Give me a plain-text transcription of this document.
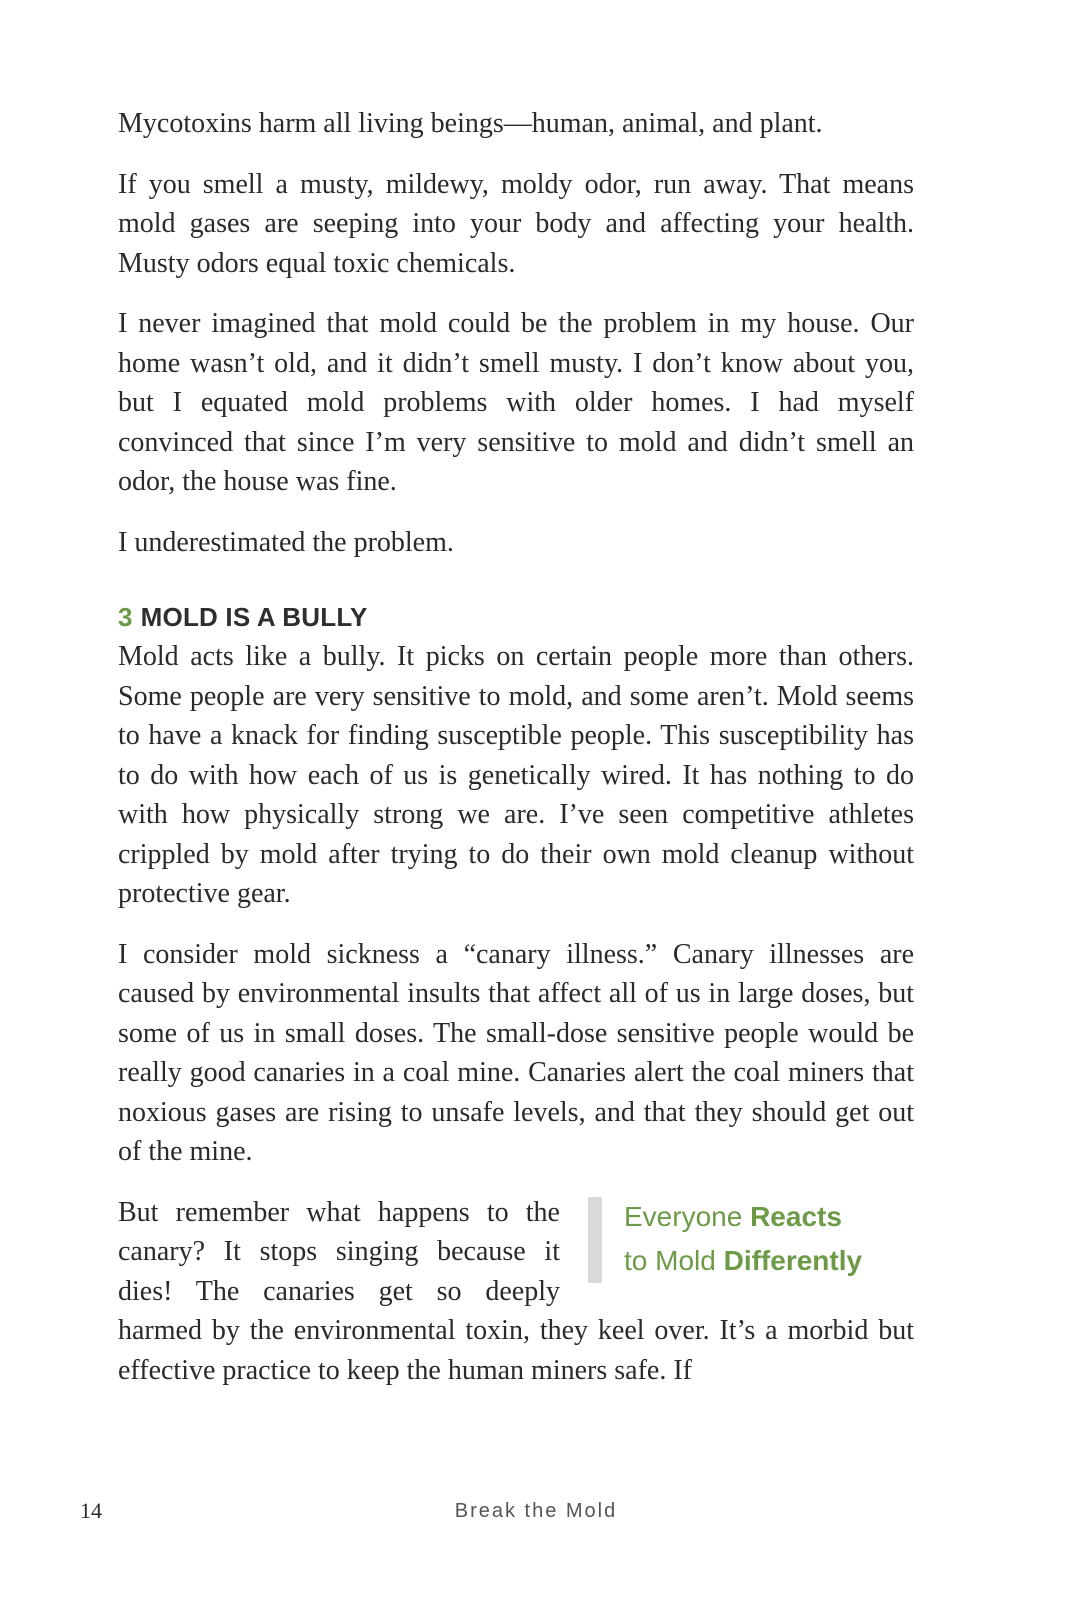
Mycotoxins harm all living beings—human, animal, and plant.

If you smell a musty, mildewy, moldy odor, run away. That means mold gases are seeping into your body and affecting your health. Musty odors equal toxic chemicals.

I never imagined that mold could be the problem in my house. Our home wasn’t old, and it didn’t smell musty. I don’t know about you, but I equated mold problems with older homes. I had myself convinced that since I’m very sensitive to mold and didn’t smell an odor, the house was fine.

I underestimated the problem.

3 MOLD IS A BULLY

Mold acts like a bully. It picks on certain people more than others. Some people are very sensitive to mold, and some aren’t. Mold seems to have a knack for finding susceptible people. This susceptibility has to do with how each of us is genetically wired. It has nothing to do with how physically strong we are. I’ve seen competitive athletes crippled by mold after trying to do their own mold cleanup without protective gear.

I consider mold sickness a “canary illness.” Canary illnesses are caused by environmental insults that affect all of us in large doses, but some of us in small doses. The small-dose sensitive people would be really good canaries in a coal mine. Canaries alert the coal miners that noxious gases are rising to unsafe levels, and that they should get out of the mine.

Everyone Reacts
to Mold Differently

But remember what happens to the canary? It stops singing because it dies! The canaries get so deeply harmed by the environmental toxin, they keel over. It’s a morbid but effective practice to keep the human miners safe. If

14	Break the Mold
